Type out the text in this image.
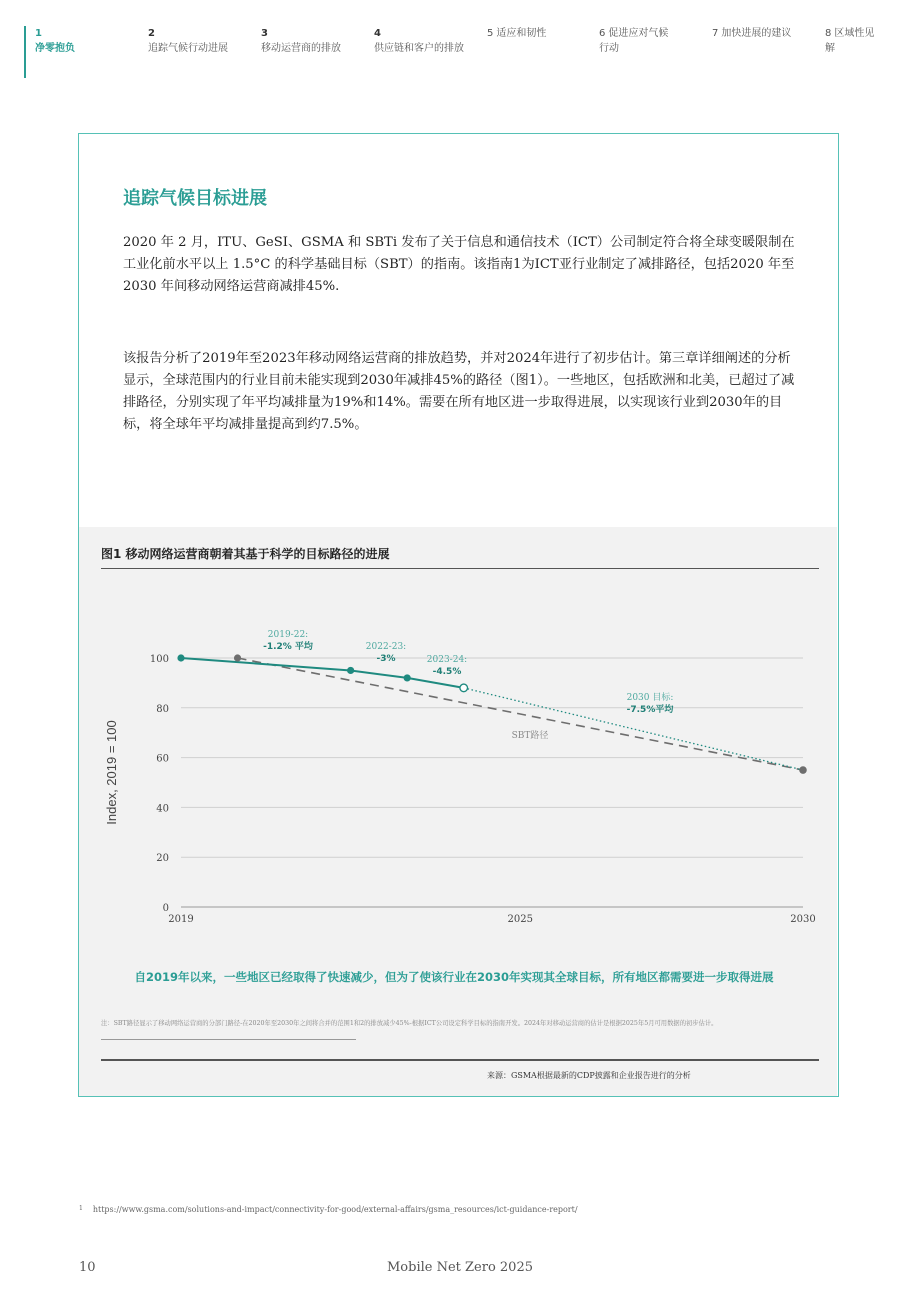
1
净零抱负
2
追踪气候行动进展
3
移动运营商的排放
4
供应链和客户的排放
5 适应和韧性	6 促进应对气候行动
7 加快进展的建议	8 区域性见解
追踪气候目标进展
2020 年 2 月，ITU、GeSI、GSMA 和 SBTi 发布了关于信息和通信技术（ICT）公司制定符合将全球变暖限制在工业化前水平以上 1.5°C 的科学基础目标（SBT）的指南。该指南1为ICT亚行业制定了减排路径，包括2020 年至2030 年间移动网络运营商减排45%.
该报告分析了2019年至2023年移动网络运营商的排放趋势，并对2024年进行了初步估计。第三章详细阐述的分析显示，全球范围内的行业目前未能实现到2030年减排45%的路径（图1）。一些地区，包括欧洲和北美，已超过了减排路径，分别实现了年平均减排量为19%和14%。需要在所有地区进一步取得进展，以实现该行业到2030年的目标，将全球年平均减排量提高到约7.5%。
图1 移动网络运营商朝着其基于科学的目标路径的进展
0
20
40
60
80
100
2019	2025	2030
Index, 2019 = 100
2019-22:
-1.2% 平均	2022-23:
-3%	2023-24:
-4.5%
2030 目标:
-7.5%平均
SBT路径
自2019年以来，一些地区已经取得了快速减少，但为了使该行业在2030年实现其全球目标，所有地区都需要进一步取得进展
注：SBT路径显示了移动网络运营商的分部门路径-在2020年至2030年之间将合并的范围1和2的排放减少45%-根据ICT公司设定科学目标的指南开发。2024年对移动运营商的估计是根据2025年5月可用数据的初步估计。
来源：GSMA根据最新的CDP披露和企业报告进行的分析
$^1$ https://www.gsma.com/solutions-and-impact/connectivity-for-good/external-affairs/gsma_resources/ict-guidance-report/
10	Mobile Net Zero 2025
